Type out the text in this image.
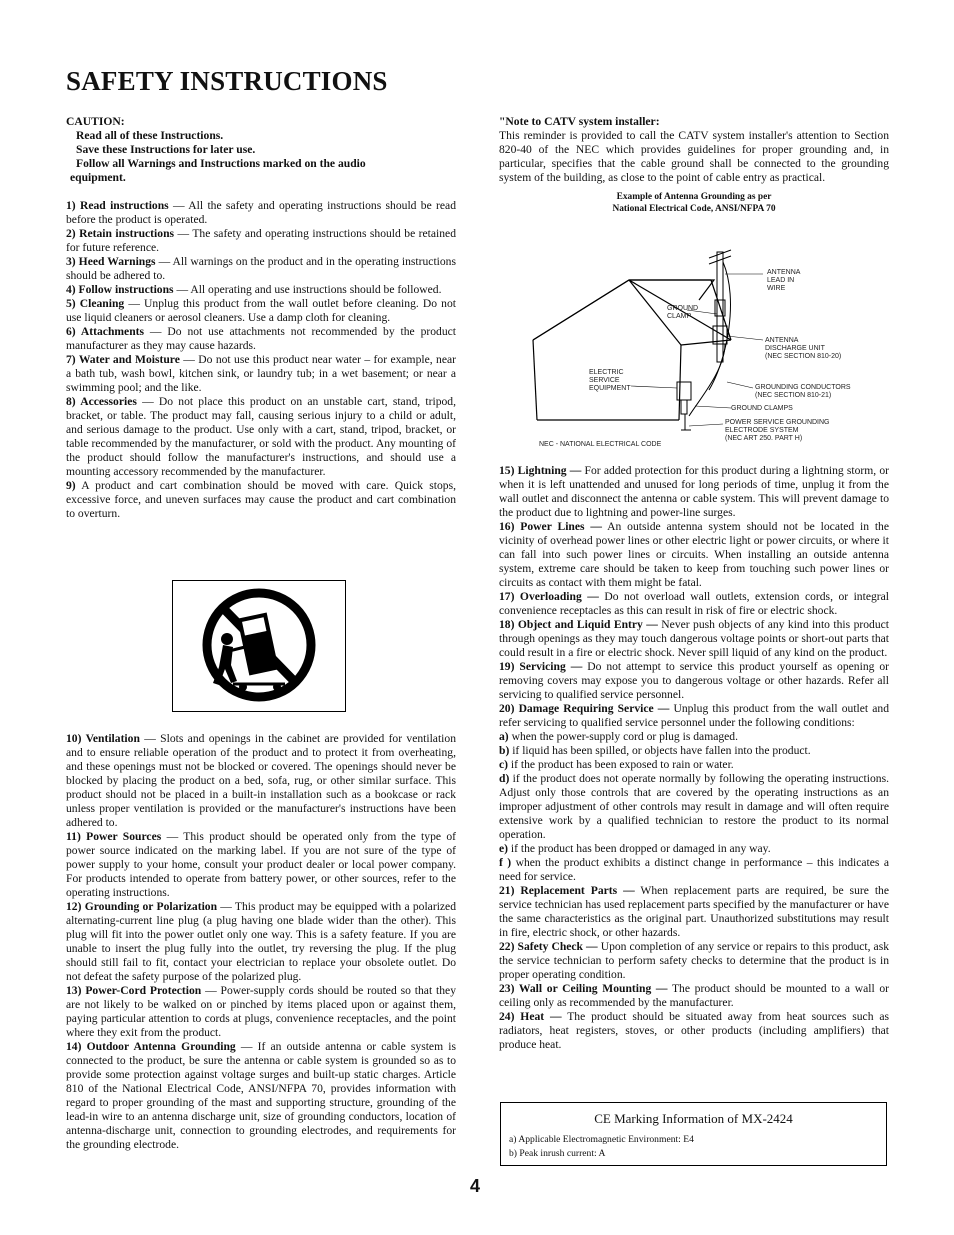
SAFETY INSTRUCTIONS
CAUTION:
Read all of these Instructions.
Save these Instructions for later use.
Follow all Warnings and Instructions marked on the audio
equipment.

1) Read instructions — All the safety and operating instructions should be read before the product is operated.

2) Retain instructions — The safety and operating instructions should be retained for future reference.

3) Heed Warnings — All warnings on the product and in the operating instructions should be adhered to.

4) Follow instructions — All operating and use instructions should be followed.

5) Cleaning — Unplug this product from the wall outlet before cleaning. Do not use liquid cleaners or aerosol cleaners. Use a damp cloth for cleaning.

6) Attachments — Do not use attachments not recommended by the product manufacturer as they may cause hazards.

7) Water and Moisture — Do not use this product near water – for example, near a bath tub, wash bowl, kitchen sink, or laundry tub; in a wet basement; or near a swimming pool; and the like.

8) Accessories — Do not place this product on an unstable cart, stand, tripod, bracket, or table. The product may fall, causing serious injury to a child or adult, and serious damage to the product. Use only with a cart, stand, tripod, bracket, or table recommended by the manufacturer, or sold with the product. Any mounting of the product should follow the manufacturer's instructions, and should use a mounting accessory recommended by the manufacturer.

9) A product and cart combination should be moved with care. Quick stops, excessive force, and uneven surfaces may cause the product and cart combination to overturn.

10) Ventilation — Slots and openings in the cabinet are provided for ventilation and to ensure reliable operation of the product and to protect it from overheating, and these openings must not be blocked or covered. The openings should never be blocked by placing the product on a bed, sofa, rug, or other similar surface. This product should not be placed in a built-in installation such as a bookcase or rack unless proper ventilation is provided or the manufacturer's instructions have been adhered to.

11) Power Sources — This product should be operated only from the type of power source indicated on the marking label. If you are not sure of the type of power supply to your home, consult your product dealer or local power company. For products intended to operate from battery power, or other sources, refer to the operating instructions.

12) Grounding or Polarization — This product may be equipped with a polarized alternating-current line plug (a plug having one blade wider than the other). This plug will fit into the power outlet only one way. This is a safety feature. If you are unable to insert the plug fully into the outlet, try reversing the plug. If the plug should still fail to fit, contact your electrician to replace your obsolete outlet. Do not defeat the safety purpose of the polarized plug.

13) Power-Cord Protection — Power-supply cords should be routed so that they are not likely to be walked on or pinched by items placed upon or against them, paying particular attention to cords at plugs, convenience receptacles, and the point where they exit from the product.

14) Outdoor Antenna Grounding — If an outside antenna or cable system is connected to the product, be sure the antenna or cable system is grounded so as to provide some protection against voltage surges and built-up static charges. Article 810 of the National Electrical Code, ANSI/NFPA 70, provides information with regard to proper grounding of the mast and supporting structure, grounding of the lead-in wire to an antenna discharge unit, size of grounding conductors, location of antenna-discharge unit, connection to grounding electrodes, and requirements for the grounding electrode.

"Note to CATV system installer:

This reminder is provided to call the CATV system installer's attention to Section 820-40 of the NEC which provides guidelines for proper grounding and, in particular, specifies that the cable ground shall be connected to the grounding system of the building, as close to the point of cable entry as practical.

Example of Antenna Grounding as per
National Electrical Code, ANSI/NFPA 70
ANTENNA LEAD IN WIRE
GROUND CLAMP
ANTENNA DISCHARGE UNIT (NEC SECTION 810-20)
ELECTRIC SERVICE EQUIPMENT	GROUNDING CONDUCTORS (NEC SECTION 810-21)
GROUND CLAMPS
POWER SERVICE GROUNDING ELECTRODE SYSTEM (NEC ART 250. PART H)
NEC - NATIONAL ELECTRICAL CODE

15) Lightning — For added protection for this product during a lightning storm, or when it is left unattended and unused for long periods of time, unplug it from the wall outlet and disconnect the antenna or cable system. This will prevent damage to the product due to lightning and power-line surges.

16) Power Lines — An outside antenna system should not be located in the vicinity of overhead power lines or other electric light or power circuits, or where it can fall into such power lines or circuits. When installing an outside antenna system, extreme care should be taken to keep from touching such power lines or circuits as contact with them might be fatal.

17) Overloading — Do not overload wall outlets, extension cords, or integral convenience receptacles as this can result in risk of fire or electric shock.

18) Object and Liquid Entry — Never push objects of any kind into this product through openings as they may touch dangerous voltage points or short-out parts that could result in a fire or electric shock. Never spill liquid of any kind on the product.

19) Servicing — Do not attempt to service this product yourself as opening or removing covers may expose you to dangerous voltage or other hazards. Refer all servicing to qualified service personnel.

20) Damage Requiring Service — Unplug this product from the wall outlet and refer servicing to qualified service personnel under the following conditions:

a) when the power-supply cord or plug is damaged.

b) if liquid has been spilled, or objects have fallen into the product.

c) if the product has been exposed to rain or water.

d) if the product does not operate normally by following the operating instructions. Adjust only those controls that are covered by the operating instructions as an improper adjustment of other controls may result in damage and will often require extensive work by a qualified technician to restore the product to its normal operation.

e) if the product has been dropped or damaged in any way.

f ) when the product exhibits a distinct change in performance – this indicates a need for service.

21) Replacement Parts — When replacement parts are required, be sure the service technician has used replacement parts specified by the manufacturer or have the same characteristics as the original part. Unauthorized substitutions may result in fire, electric shock, or other hazards.

22) Safety Check — Upon completion of any service or repairs to this product, ask the service technician to perform safety checks to determine that the product is in proper operating condition.

23) Wall or Ceiling Mounting — The product should be mounted to a wall or ceiling only as recommended by the manufacturer.

24) Heat — The product should be situated away from heat sources such as radiators, heat registers, stoves, or other products (including amplifiers) that produce heat.

CE Marking Information of MX-2424
a) Applicable Electromagnetic Environment: E4
b) Peak inrush current: A
4
